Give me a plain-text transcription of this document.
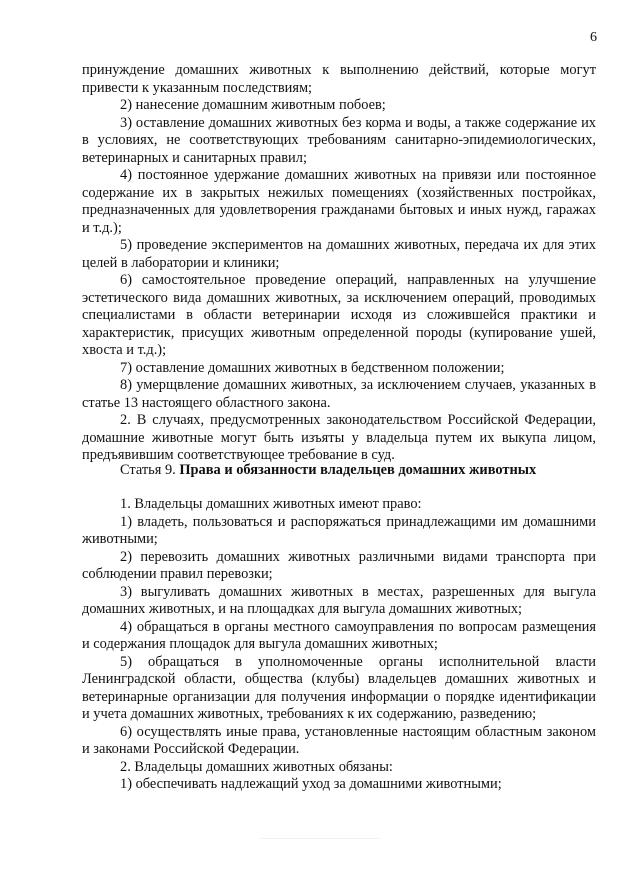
6

принуждение домашних животных к выполнению действий, которые могут привести к указанным последствиям;

2) нанесение домашним животным побоев;

3) оставление домашних животных без корма и воды, а также содержание их в условиях, не соответствующих требованиям санитарно-эпидемиологических, ветеринарных и санитарных правил;

4) постоянное удержание домашних животных на привязи или постоянное содержание их в закрытых нежилых помещениях (хозяйственных постройках, предназначенных для удовлетворения гражданами бытовых и иных нужд, гаражах и т.д.);

5) проведение экспериментов на домашних животных, передача их для этих целей в лаборатории и клиники;

6) самостоятельное проведение операций, направленных на улучшение эстетического вида домашних животных, за исключением операций, проводимых специалистами в области ветеринарии исходя из сложившейся практики и характеристик, присущих животным определенной породы (купирование ушей, хвоста и т.д.);

7) оставление домашних животных в бедственном положении;

8) умерщвление домашних животных, за исключением случаев, указанных в статье 13 настоящего областного закона.

2. В случаях, предусмотренных законодательством Российской Федерации, домашние животные могут быть изъяты у владельца путем их выкупа лицом, предъявившим соответствующее требование в суд.

Статья 9. Права и обязанности владельцев домашних животных

1. Владельцы домашних животных имеют право:

1) владеть, пользоваться и распоряжаться принадлежащими им домашними животными;

2) перевозить домашних животных различными видами транспорта при соблюдении правил перевозки;

3) выгуливать домашних животных в местах, разрешенных для выгула домашних животных, и на площадках для выгула домашних животных;

4) обращаться в органы местного самоуправления по вопросам размещения и содержания площадок для выгула домашних животных;

5) обращаться в уполномоченные органы исполнительной власти Ленинградской области, общества (клубы) владельцев домашних животных и ветеринарные организации для получения информации о порядке идентификации и учета домашних животных, требованиях к их содержанию, разведению;

6) осуществлять иные права, установленные настоящим областным законом и законами Российской Федерации.

2. Владельцы домашних животных обязаны:

1) обеспечивать надлежащий уход за домашними животными;
